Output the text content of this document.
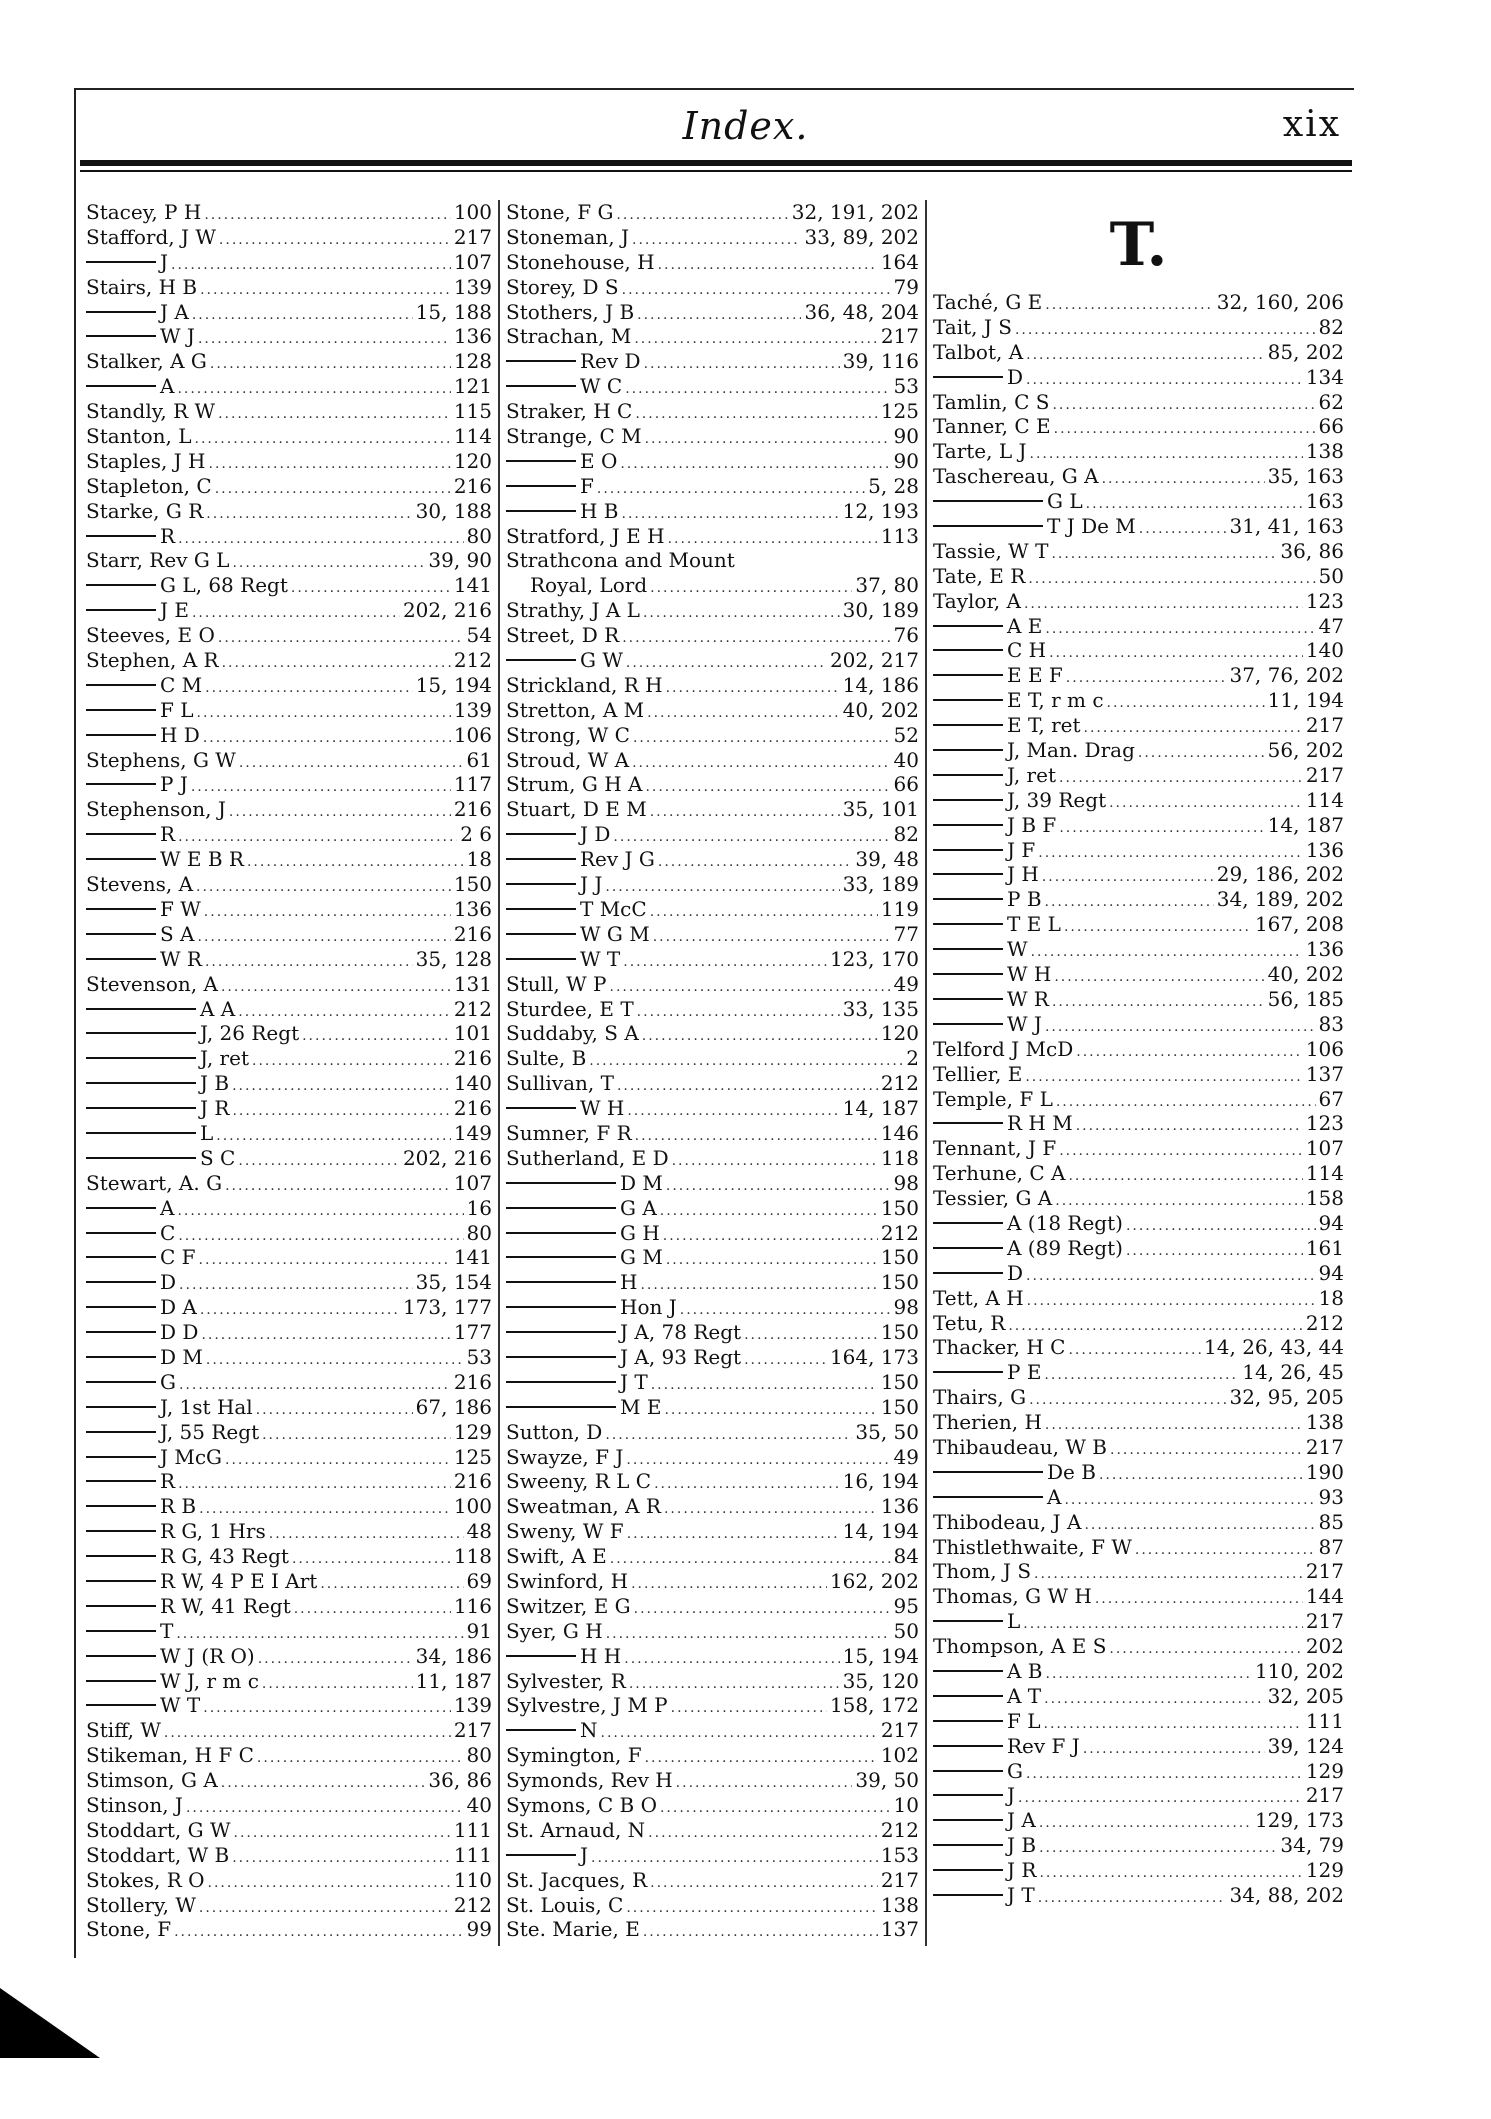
Index.	xix
Stacey, P H .....	100
Stafford, J W .....	217
J .....	107
Stairs, H B .....	139
J A .....	15, 188
W J .....	136
Stalker, A G .....	128
A .....	121
Standly, R W .....	115
Stanton, L .....	114
Staples, J H .....	120
Stapleton, C .....	216
Starke, G R .....	30, 188
R .....	80
Starr, Rev G L .....	39, 90
G L, 68 Regt .....	141
J E .....	202, 216
Steeves, E O .....	54
Stephen, A R .....	212
C M .....	15, 194
F L .....	139
H D .....	106
Stephens, G W .....	61
P J .....	117
Stephenson, J .....	216
R .....	2 6
W E B R .....	18
Stevens, A .....	150
F W .....	136
S A .....	216
W R .....	35, 128
Stevenson, A .....	131
A A .....	212
J, 26 Regt .....	101
J, ret .....	216
J B .....	140
J R .....	216
L .....	149
S C .....	202, 216
Stewart, A. G .....	107
A .....	16
C .....	80
C F .....	141
D .....	35, 154
D A .....	173, 177
D D .....	177
D M .....	53
G .....	216
J, 1st Hal .....	67, 186
J, 55 Regt .....	129
J McG .....	125
R .....	216
R B .....	100
R G, 1 Hrs .....	48
R G, 43 Regt .....	118
R W, 4 P E I Art .....	69
R W, 41 Regt .....	116
T .....	91
W J (R O) .....	34, 186
W J, r m c .....	11, 187
W T .....	139
Stiff, W .....	217
Stikeman, H F C .....	80
Stimson, G A .....	36, 86
Stinson, J .....	40
Stoddart, G W .....	111
Stoddart, W B .....	111
Stokes, R O .....	110
Stollery, W .....	212
Stone, F .....	99
Stone, F G .....	32, 191, 202
Stoneman, J .....	33, 89, 202
Stonehouse, H .....	164
Storey, D S .....	79
Stothers, J B .....	36, 48, 204
Strachan, M .....	217
Rev D .....	39, 116
W C .....	53
Straker, H C .....	125
Strange, C M .....	90
E O .....	90
F .....	5, 28
H B .....	12, 193
Stratford, J E H .....	113
Strathcona and Mount
Royal, Lord .....	37, 80
Strathy, J A L .....	30, 189
Street, D R .....	76
G W .....	202, 217
Strickland, R H .....	14, 186
Stretton, A M .....	40, 202
Strong, W C .....	52
Stroud, W A .....	40
Strum, G H A .....	66
Stuart, D E M .....	35, 101
J D .....	82
Rev J G .....	39, 48
J J .....	33, 189
T McC .....	119
W G M .....	77
W T .....	123, 170
Stull, W P .....	49
Sturdee, E T .....	33, 135
Suddaby, S A .....	120
Sulte, B .....	2
Sullivan, T .....	212
W H .....	14, 187
Sumner, F R .....	146
Sutherland, E D .....	118
D M .....	98
G A .....	150
G H .....	212
G M .....	150
H .....	150
Hon J .....	98
J A, 78 Regt .....	150
J A, 93 Regt .....	164, 173
J T .....	150
M E .....	150
Sutton, D .....	35, 50
Swayze, F J .....	49
Sweeny, R L C .....	16, 194
Sweatman, A R .....	136
Sweny, W F .....	14, 194
Swift, A E .....	84
Swinford, H .....	162, 202
Switzer, E G .....	95
Syer, G H .....	50
H H .....	15, 194
Sylvester, R .....	35, 120
Sylvestre, J M P .....	158, 172
N .....	217
Symington, F .....	102
Symonds, Rev H .....	39, 50
Symons, C B O .....	10
St. Arnaud, N .....	212
J .....	153
St. Jacques, R .....	217
St. Louis, C .....	138
Ste. Marie, E .....	137
T.
Taché, G E .....	32, 160, 206
Tait, J S .....	82
Talbot, A .....	85, 202
D .....	134
Tamlin, C S .....	62
Tanner, C E .....	66
Tarte, L J .....	138
Taschereau, G A .....	35, 163
G L .....	163
T J De M .....	31, 41, 163
Tassie, W T .....	36, 86
Tate, E R .....	50
Taylor, A .....	123
A E .....	47
C H .....	140
E E F .....	37, 76, 202
E T, r m c .....	11, 194
E T, ret .....	217
J, Man. Drag .....	56, 202
J, ret .....	217
J, 39 Regt .....	114
J B F .....	14, 187
J F .....	136
J H .....	29, 186, 202
P B .....	34, 189, 202
T E L .....	167, 208
W .....	136
W H .....	40, 202
W R .....	56, 185
W J .....	83
Telford J McD .....	106
Tellier, E .....	137
Temple, F L .....	67
R H M .....	123
Tennant, J F .....	107
Terhune, C A .....	114
Tessier, G A .....	158
A (18 Regt) .....	94
A (89 Regt) .....	161
D .....	94
Tett, A H .....	18
Tetu, R .....	212
Thacker, H C .....	14, 26, 43, 44
P E .....	14, 26, 45
Thairs, G .....	32, 95, 205
Therien, H .....	138
Thibaudeau, W B .....	217
De B .....	190
A .....	93
Thibodeau, J A .....	85
Thistlethwaite, F W .....	87
Thom, J S .....	217
Thomas, G W H .....	144
L .....	217
Thompson, A E S .....	202
A B .....	110, 202
A T .....	32, 205
F L .....	111
Rev F J .....	39, 124
G .....	129
J .....	217
J A .....	129, 173
J B .....	34, 79
J R .....	129
J T .....	34, 88, 202
